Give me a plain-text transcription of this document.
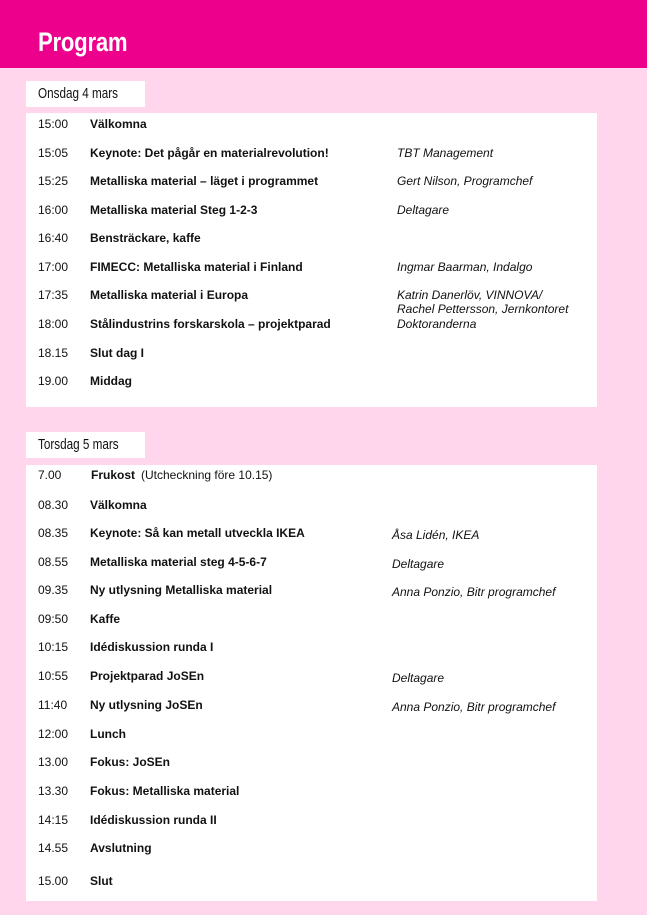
Program
Onsdag 4 mars
15:00 Välkomna
15:05 Keynote: Det pågår en materialrevolution!	TBT Management
15:25 Metalliska material – läget i programmet	Gert Nilson, Programchef
16:00 Metalliska material Steg 1-2-3	Deltagare
16:40 Bensträckare, kaffe
17:00 FIMECC: Metalliska material i Finland	Ingmar Baarman, Indalgo
17:35 Metalliska material i Europa	Katrin Danerlöv, VINNOVA/
Rachel Pettersson, Jernkontoret
18:00 Stålindustrins forskarskola – projektparad	Doktoranderna
18.15 Slut dag I
19.00 Middag
Torsdag 5 mars
7.00 Frukost (Utcheckning före 10.15)
08.30 Välkomna
08.35 Keynote: Så kan metall utveckla IKEA	Åsa Lidén, IKEA
08.55 Metalliska material steg 4-5-6-7	Deltagare
09.35 Ny utlysning Metalliska material	Anna Ponzio, Bitr programchef
09:50 Kaffe
10:15 Idédiskussion runda I
10:55 Projektparad JoSEn	Deltagare
11:40 Ny utlysning JoSEn	Anna Ponzio, Bitr programchef
12:00 Lunch
13.00 Fokus: JoSEn
13.30 Fokus: Metalliska material
14:15 Idédiskussion runda II
14.55 Avslutning
15.00 Slut
